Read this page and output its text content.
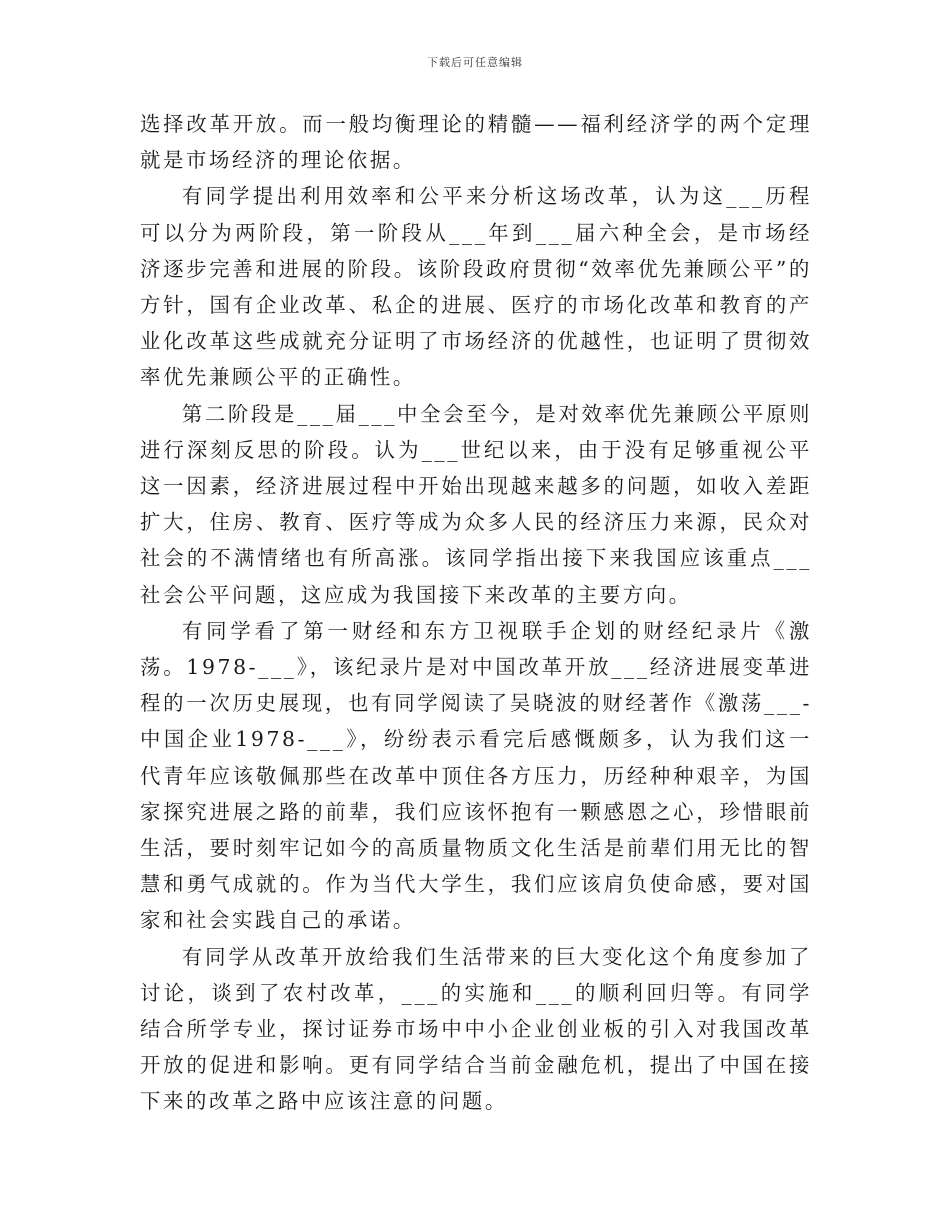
下载后可任意编辑

选择改革开放。而一般均衡理论的精髓——福利经济学的两个定理就是市场经济的理论依据。

有同学提出利用效率和公平来分析这场改革，认为这___历程可以分为两阶段，第一阶段从___年到___届六种全会，是市场经济逐步完善和进展的阶段。该阶段政府贯彻“效率优先兼顾公平”的方针，国有企业改革、私企的进展、医疗的市场化改革和教育的产业化改革这些成就充分证明了市场经济的优越性，也证明了贯彻效率优先兼顾公平的正确性。

第二阶段是___届___中全会至今，是对效率优先兼顾公平原则进行深刻反思的阶段。认为___世纪以来，由于没有足够重视公平这一因素，经济进展过程中开始出现越来越多的问题，如收入差距扩大，住房、教育、医疗等成为众多人民的经济压力来源，民众对社会的不满情绪也有所高涨。该同学指出接下来我国应该重点___社会公平问题，这应成为我国接下来改革的主要方向。

有同学看了第一财经和东方卫视联手企划的财经纪录片《激荡。1978-___》，该纪录片是对中国改革开放___经济进展变革进程的一次历史展现，也有同学阅读了吴晓波的财经著作《激荡___-中国企业1978-___》，纷纷表示看完后感慨颇多，认为我们这一代青年应该敬佩那些在改革中顶住各方压力，历经种种艰辛，为国家探究进展之路的前辈，我们应该怀抱有一颗感恩之心，珍惜眼前生活，要时刻牢记如今的高质量物质文化生活是前辈们用无比的智慧和勇气成就的。作为当代大学生，我们应该肩负使命感，要对国家和社会实践自己的承诺。

有同学从改革开放给我们生活带来的巨大变化这个角度参加了讨论，谈到了农村改革，___的实施和___的顺利回归等。有同学结合所学专业，探讨证券市场中中小企业创业板的引入对我国改革开放的促进和影响。更有同学结合当前金融危机，提出了中国在接下来的改革之路中应该注意的问题。
